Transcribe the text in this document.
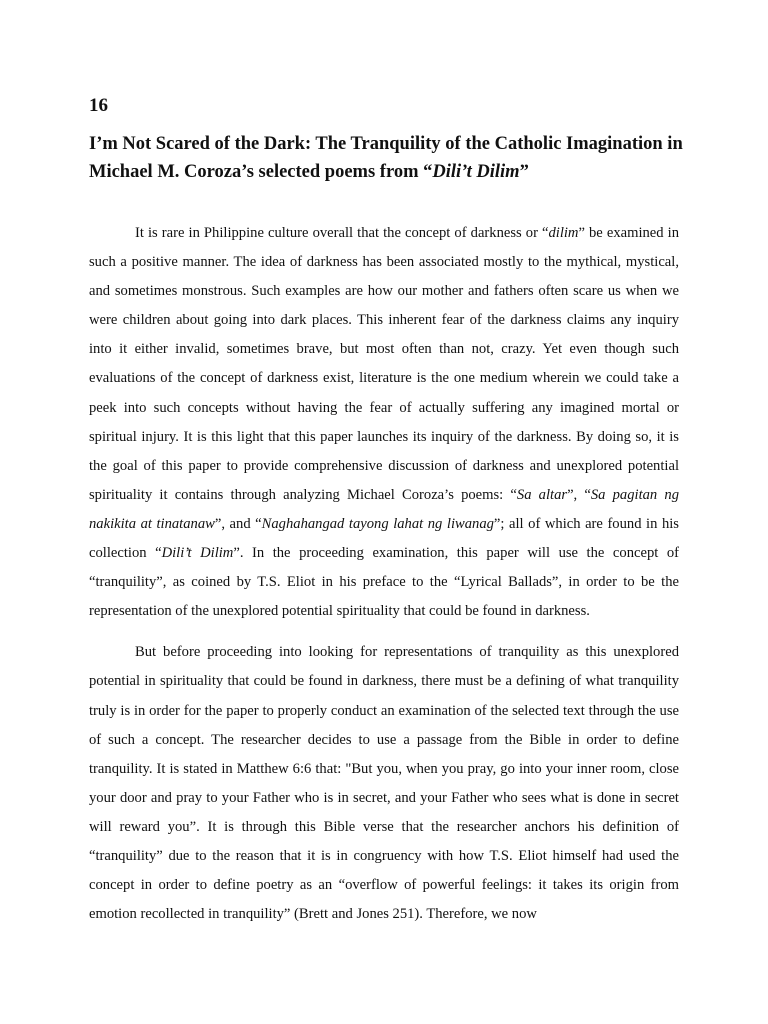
16
I’m Not Scared of the Dark: The Tranquility of the Catholic Imagination in Michael M. Coroza’s selected poems from “Dili’t Dilim”

It is rare in Philippine culture overall that the concept of darkness or “dilim” be examined in such a positive manner. The idea of darkness has been associated mostly to the mythical, mystical, and sometimes monstrous. Such examples are how our mother and fathers often scare us when we were children about going into dark places. This inherent fear of the darkness claims any inquiry into it either invalid, sometimes brave, but most often than not, crazy. Yet even though such evaluations of the concept of darkness exist, literature is the one medium wherein we could take a peek into such concepts without having the fear of actually suffering any imagined mortal or spiritual injury. It is this light that this paper launches its inquiry of the darkness. By doing so, it is the goal of this paper to provide comprehensive discussion of darkness and unexplored potential spirituality it contains through analyzing Michael Coroza’s poems: “Sa altar”, “Sa pagitan ng nakikita at tinatanaw”, and “Naghahangad tayong lahat ng liwanag”; all of which are found in his collection “Dili’t Dilim”. In the proceeding examination, this paper will use the concept of “tranquility”, as coined by T.S. Eliot in his preface to the “Lyrical Ballads”, in order to be the representation of the unexplored potential spirituality that could be found in darkness.

But before proceeding into looking for representations of tranquility as this unexplored potential in spirituality that could be found in darkness, there must be a defining of what tranquility truly is in order for the paper to properly conduct an examination of the selected text through the use of such a concept. The researcher decides to use a passage from the Bible in order to define tranquility. It is stated in Matthew 6:6 that: "But you, when you pray, go into your inner room, close your door and pray to your Father who is in secret, and your Father who sees what is done in secret will reward you”. It is through this Bible verse that the researcher anchors his definition of “tranquility” due to the reason that it is in congruency with how T.S. Eliot himself had used the concept in order to define poetry as an “overflow of powerful feelings: it takes its origin from emotion recollected in tranquility” (Brett and Jones 251). Therefore, we now
